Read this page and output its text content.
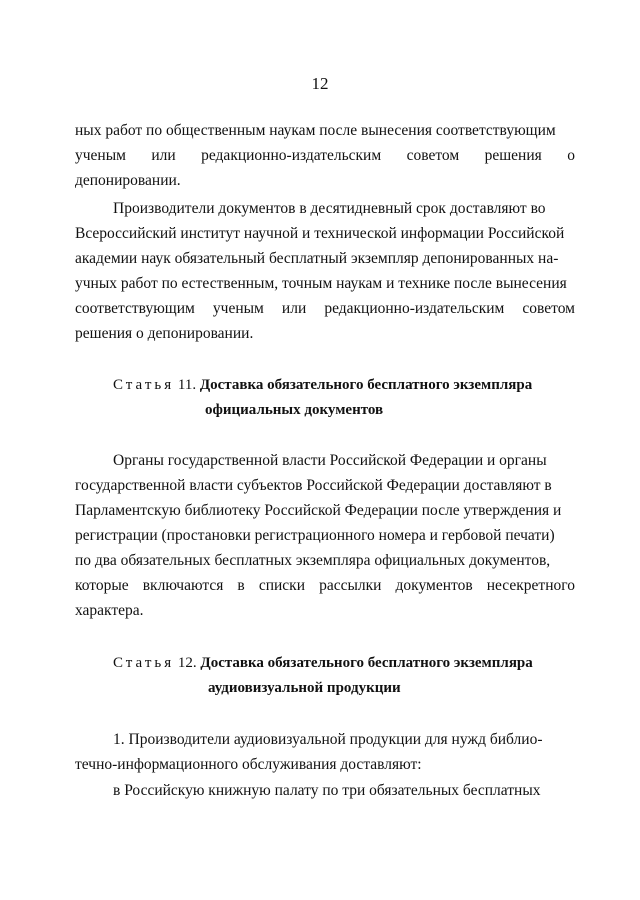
12
ных работ по общественным наукам после вынесения соответствующим
ученым или редакционно-издательским советом решения о
депонировании.
Производители документов в десятидневный срок доставляют во
Всероссийский институт научной и технической информации Российской
академии наук обязательный бесплатный экземпляр депонированных на-
учных работ по естественным, точным наукам и технике после вынесения
соответствующим ученым или редакционно-издательским советом
решения о депонировании.
Статья 11. Доставка обязательного бесплатного экземпляра
официальных документов
Органы государственной власти Российской Федерации и органы
государственной власти субъектов Российской Федерации доставляют в
Парламентскую библиотеку Российской Федерации после утверждения и
регистрации (простановки регистрационного номера и гербовой печати)
по два обязательных бесплатных экземпляра официальных документов,
которые включаются в списки рассылки документов несекретного
характера.
Статья 12. Доставка обязательного бесплатного экземпляра
аудиовизуальной продукции
1. Производители аудиовизуальной продукции для нужд библио-
течно-информационного обслуживания доставляют:
в Российскую книжную палату по три обязательных бесплатных
